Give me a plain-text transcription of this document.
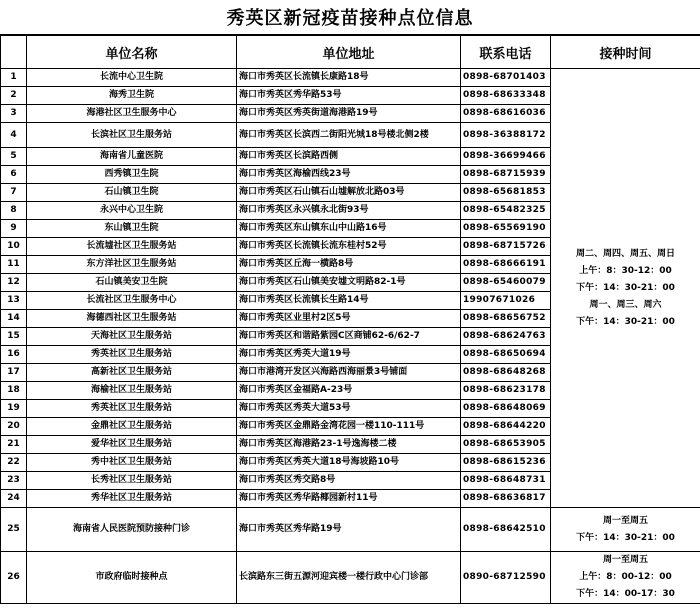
秀英区新冠疫苗接种点位信息
	单位名称	单位地址	联系电话	接种时间
1	长流中心卫生院	海口市秀英区长流镇长康路18号	0898-68701403	周二、周四、周五、周日
上午：8：30-12：00
下午：14：30-21：00
周一、周三、周六
下午：14：30-21：00

2	海秀卫生院	海口市秀英区秀华路53号	0898-68633348	
3	海港社区卫生服务中心	海口市秀英区秀英街道海港路19号	0898-68616036	
4	长滨社区卫生服务站	海口市秀英区长滨西二街阳光城18号楼北侧2楼	0898-36388172	
5	海南省儿童医院	海口市秀英区长滨路西侧	0898-36699466	
6	西秀镇卫生院	海口市秀英区海榆西线23号	0898-68715939	
7	石山镇卫生院	海口市秀英区石山镇石山墟解放北路03号	0898-65681853	
8	永兴中心卫生院	海口市秀英区永兴镇永北街93号	0898-65482325	
9	东山镇卫生院	海口市秀英区东山镇东山中山路16号	0898-65569190	
10	长流墟社区卫生服务站	海口市秀英区长流镇长流东桂村52号	0898-68715726	
11	东方洋社区卫生服务站	海口市秀英区丘海一横路8号	0898-68666191	
12	石山镇美安卫生院	海口市秀英区石山镇美安墟文明路82-1号	0898-65460079	
13	长流社区卫生服务中心	海口市秀英区长流镇长生路14号	19907671026	
14	海德西社区卫生服务站	海口市秀英区业里村2区5号	0898-68656752	
15	天海社区卫生服务站	海口市秀英区和谐路紫园C区商铺62-6/62-7	0898-68624763	
16	秀英社区卫生服务站	海口市秀英区秀英大道19号	0898-68650694	
17	高新社区卫生服务站	海口市港湾开发区兴海路西海丽景3号铺面	0898-68648268	
18	海榆社区卫生服务站	海口市秀英区金福路A-23号	0898-68623178	
19	秀英社区卫生服务站	海口市秀英区秀英大道53号	0898-68648069	
20	金鼎社区卫生服务站	海口市秀英区金鼎路金湾花园一楼110-111号	0898-68644220	
21	爱华社区卫生服务站	海口市秀英区海港路23-1号逸海楼二楼	0898-68653905	
22	秀中社区卫生服务站	海口市秀英区秀英大道18号海坡路10号	0898-68615236	
23	长秀社区卫生服务站	海口市秀英区秀交路8号	0898-68648731	
24	秀华社区卫生服务站	海口市秀英区秀华路椰园新村11号	0898-68636817	
25	海南省人民医院预防接种门诊	海口市秀英区秀华路19号	0898-68642510	周一至周五
下午：14：30-21：00

26	市政府临时接种点	长滨路东三街五源河迎宾楼一楼行政中心门诊部	0890-68712590	周一至周五
上午：8：00-12：00
下午：14：00-17：30
